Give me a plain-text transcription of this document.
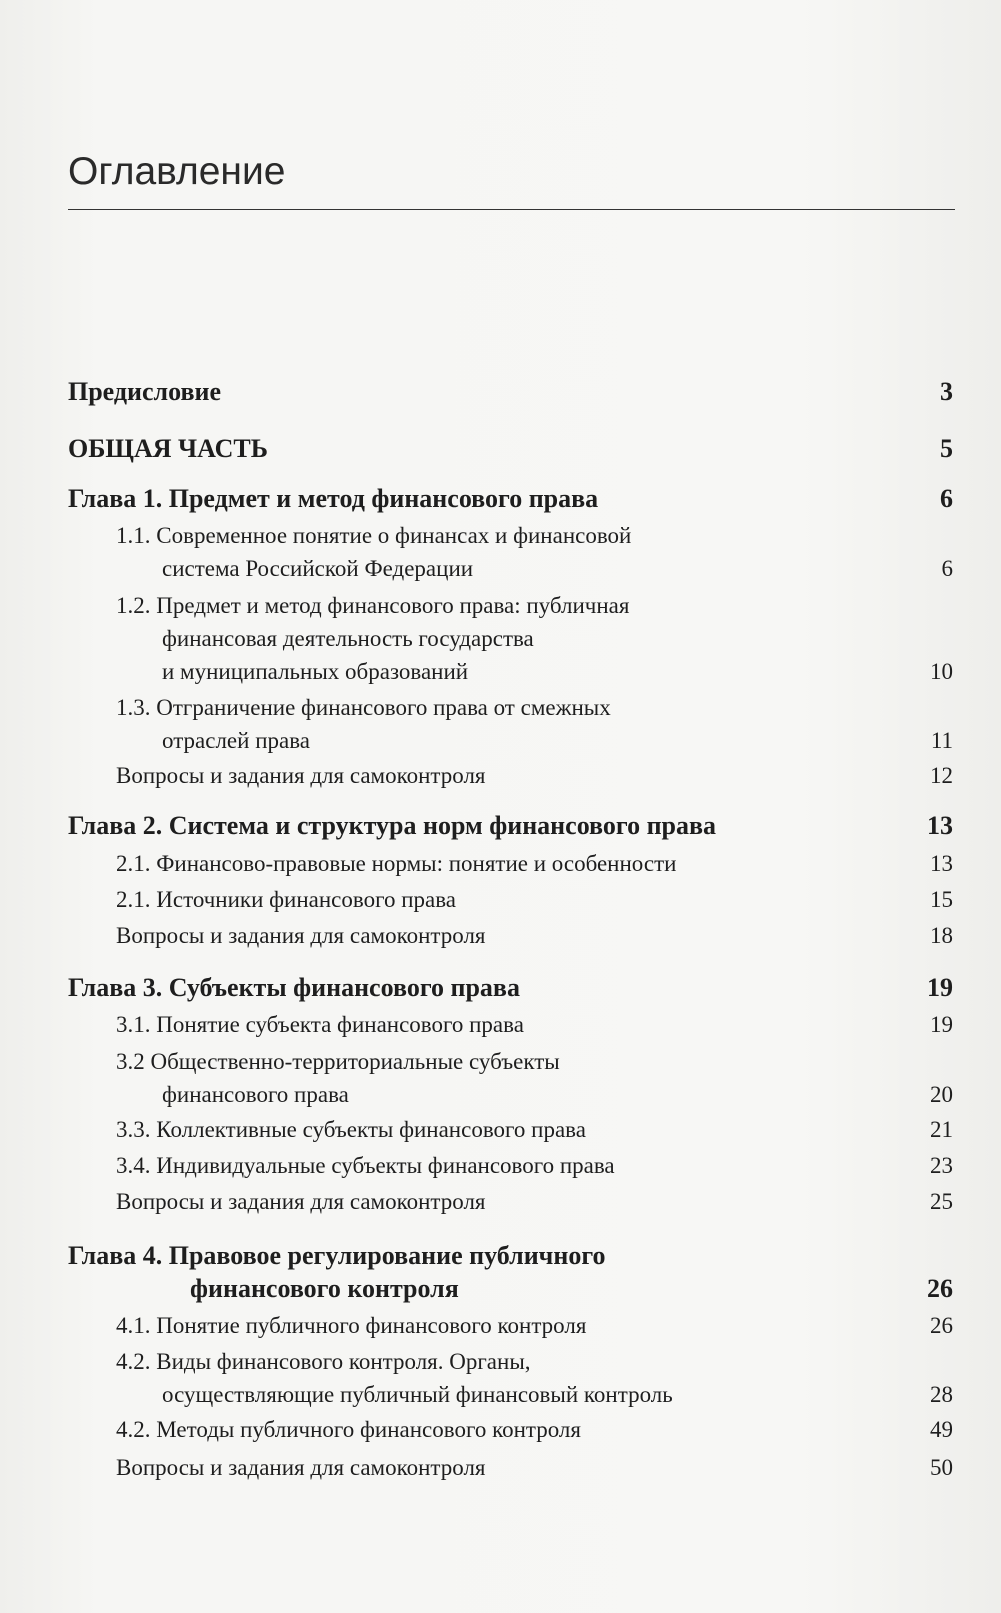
Оглавление
Предисловие	3
ОБЩАЯ ЧАСТЬ	5
Глава 1. Предмет и метод финансового права	6
1.1. Современное понятие о финансах и финансовой
система Российской Федерации	6
1.2. Предмет и метод финансового права: публичная
финансовая деятельность государства
и муниципальных образований	10
1.3. Отграничение финансового права от смежных
отраслей права	11
Вопросы и задания для самоконтроля	12
Глава 2. Система и структура норм финансового права	13
2.1. Финансово-правовые нормы: понятие и особенности	13
2.1. Источники финансового права	15
Вопросы и задания для самоконтроля	18
Глава 3. Субъекты финансового права	19
3.1. Понятие субъекта финансового права	19
3.2 Общественно-территориальные субъекты
финансового права	20
3.3. Коллективные субъекты финансового права	21
3.4. Индивидуальные субъекты финансового права	23
Вопросы и задания для самоконтроля	25
Глава 4. Правовое регулирование публичного
финансового контроля	26
4.1. Понятие публичного финансового контроля	26
4.2. Виды финансового контроля. Органы,
осуществляющие публичный финансовый контроль	28
4.2. Методы публичного финансового контроля	49
Вопросы и задания для самоконтроля	50
